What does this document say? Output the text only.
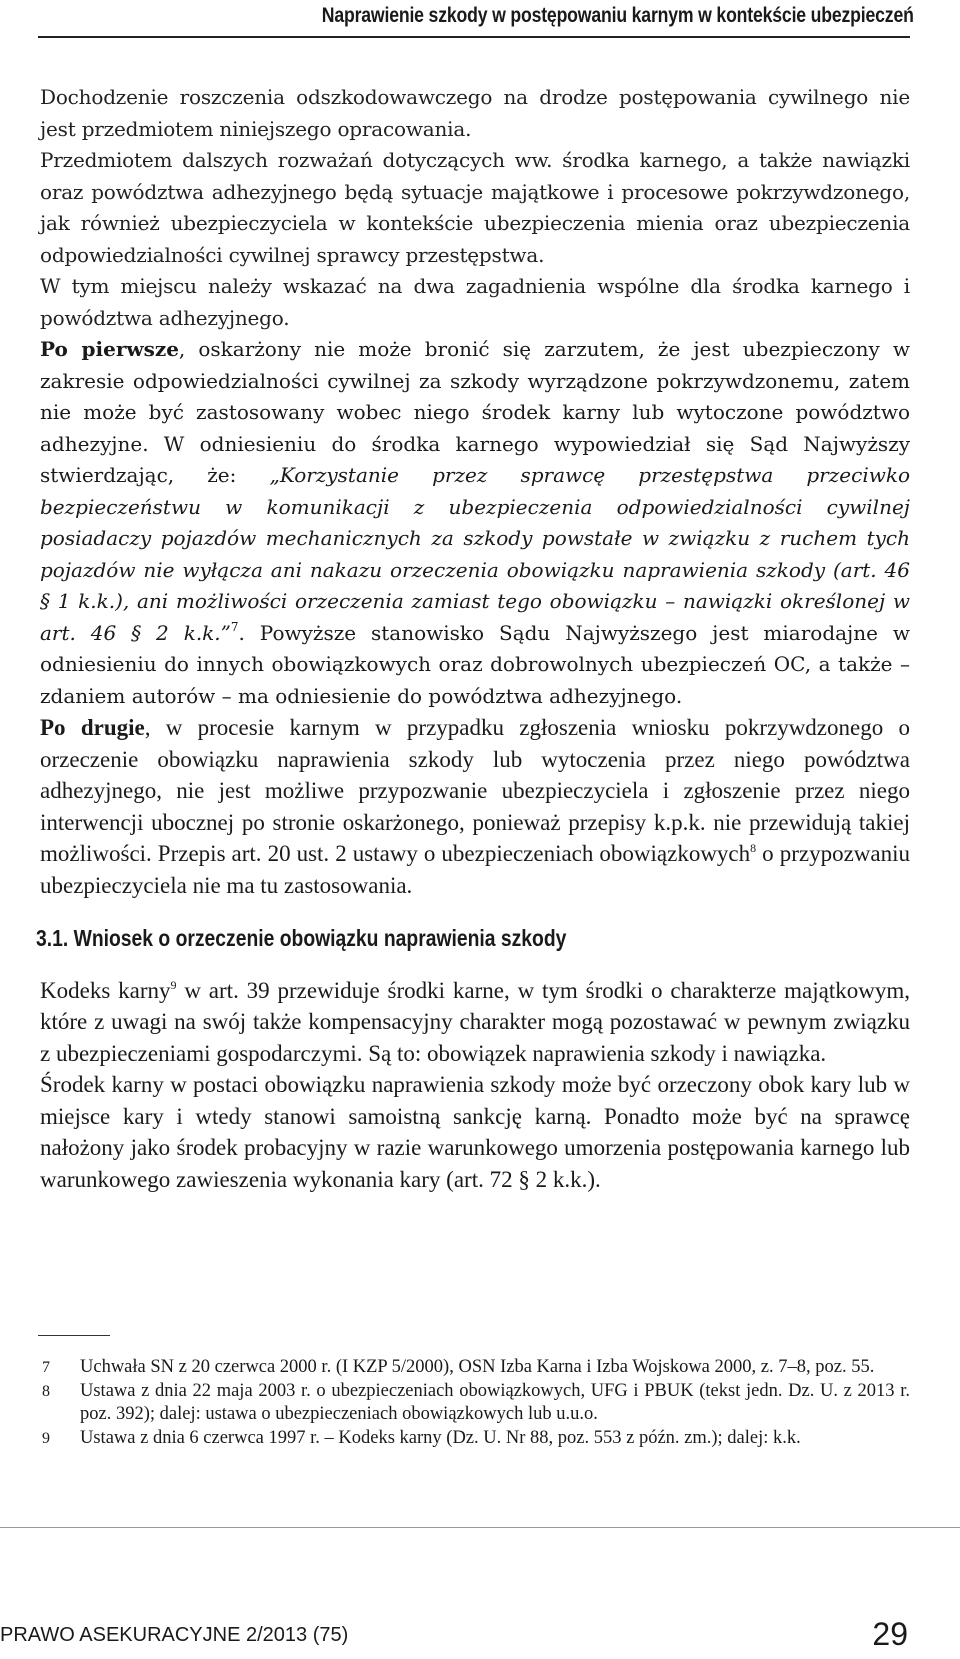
Naprawienie szkody w postępowaniu karnym w kontekście ubezpieczeń

Dochodzenie roszczenia odszkodowawczego na drodze postępowania cywilnego nie jest przedmiotem niniejszego opracowania.

Przedmiotem dalszych rozważań dotyczących ww. środka karnego, a także nawiązki oraz powództwa adhezyjnego będą sytuacje majątkowe i procesowe pokrzywdzonego, jak również ubezpieczyciela w kontekście ubezpieczenia mienia oraz ubezpieczenia odpowiedzialności cywilnej sprawcy przestępstwa.

W tym miejscu należy wskazać na dwa zagadnienia wspólne dla środka karnego i powództwa adhezyjnego.

Po pierwsze, oskarżony nie może bronić się zarzutem, że jest ubezpieczony w zakresie odpowiedzialności cywilnej za szkody wyrządzone pokrzywdzonemu, zatem nie może być zastosowany wobec niego środek karny lub wytoczone powództwo adhezyjne. W odniesieniu do środka karnego wypowiedział się Sąd Najwyższy stwierdzając, że: „Korzystanie przez sprawcę przestępstwa przeciwko bezpieczeństwu w komunikacji z ubezpieczenia odpowiedzialności cywilnej posiadaczy pojazdów mechanicznych za szkody powstałe w związku z ruchem tych pojazdów nie wyłącza ani nakazu orzeczenia obowiązku naprawienia szkody (art. 46 § 1 k.k.), ani możliwości orzeczenia zamiast tego obowiązku – nawiązki określonej w art. 46 § 2 k.k.”$^7$. Powyższe stanowisko Sądu Najwyższego jest miarodajne w odniesieniu do innych obowiązkowych oraz dobrowolnych ubezpieczeń OC, a także – zdaniem autorów – ma odniesienie do powództwa adhezyjnego.

Po drugie, w procesie karnym w przypadku zgłoszenia wniosku pokrzywdzonego o orzeczenie obowiązku naprawienia szkody lub wytoczenia przez niego powództwa adhezyjnego, nie jest możliwe przypozwanie ubezpieczyciela i zgłoszenie przez niego interwencji ubocznej po stronie oskarżonego, ponieważ przepisy k.p.k. nie przewidują takiej możliwości. Przepis art. 20 ust. 2 ustawy o ubezpieczeniach obowiązkowych$^8$ o przypozwaniu ubezpieczyciela nie ma tu zastosowania.

3.1. Wniosek o orzeczenie obowiązku naprawienia szkody

Kodeks karny$^9$ w art. 39 przewiduje środki karne, w tym środki o charakterze majątkowym, które z uwagi na swój także kompensacyjny charakter mogą pozostawać w pewnym związku z ubezpieczeniami gospodarczymi. Są to: obowiązek naprawienia szkody i nawiązka.

Środek karny w postaci obowiązku naprawienia szkody może być orzeczony obok kary lub w miejsce kary i wtedy stanowi samoistną sankcję karną. Ponadto może być na sprawcę nałożony jako środek probacyjny w razie warunkowego umorzenia postępowania karnego lub warunkowego zawieszenia wykonania kary (art. 72 § 2 k.k.).

7	Uchwała SN z 20 czerwca 2000 r. (I KZP 5/2000), OSN Izba Karna i Izba Wojskowa 2000, z. 7–8, poz. 55.
8	Ustawa z dnia 22 maja 2003 r. o ubezpieczeniach obowiązkowych, UFG i PBUK (tekst jedn. Dz. U. z 2013 r. poz. 392); dalej: ustawa o ubezpieczeniach obowiązkowych lub u.u.o.
9	Ustawa z dnia 6 czerwca 1997 r. – Kodeks karny (Dz. U. Nr 88, poz. 553 z późn. zm.); dalej: k.k.
PRAWO ASEKURACYJNE 2/2013 (75)	29
